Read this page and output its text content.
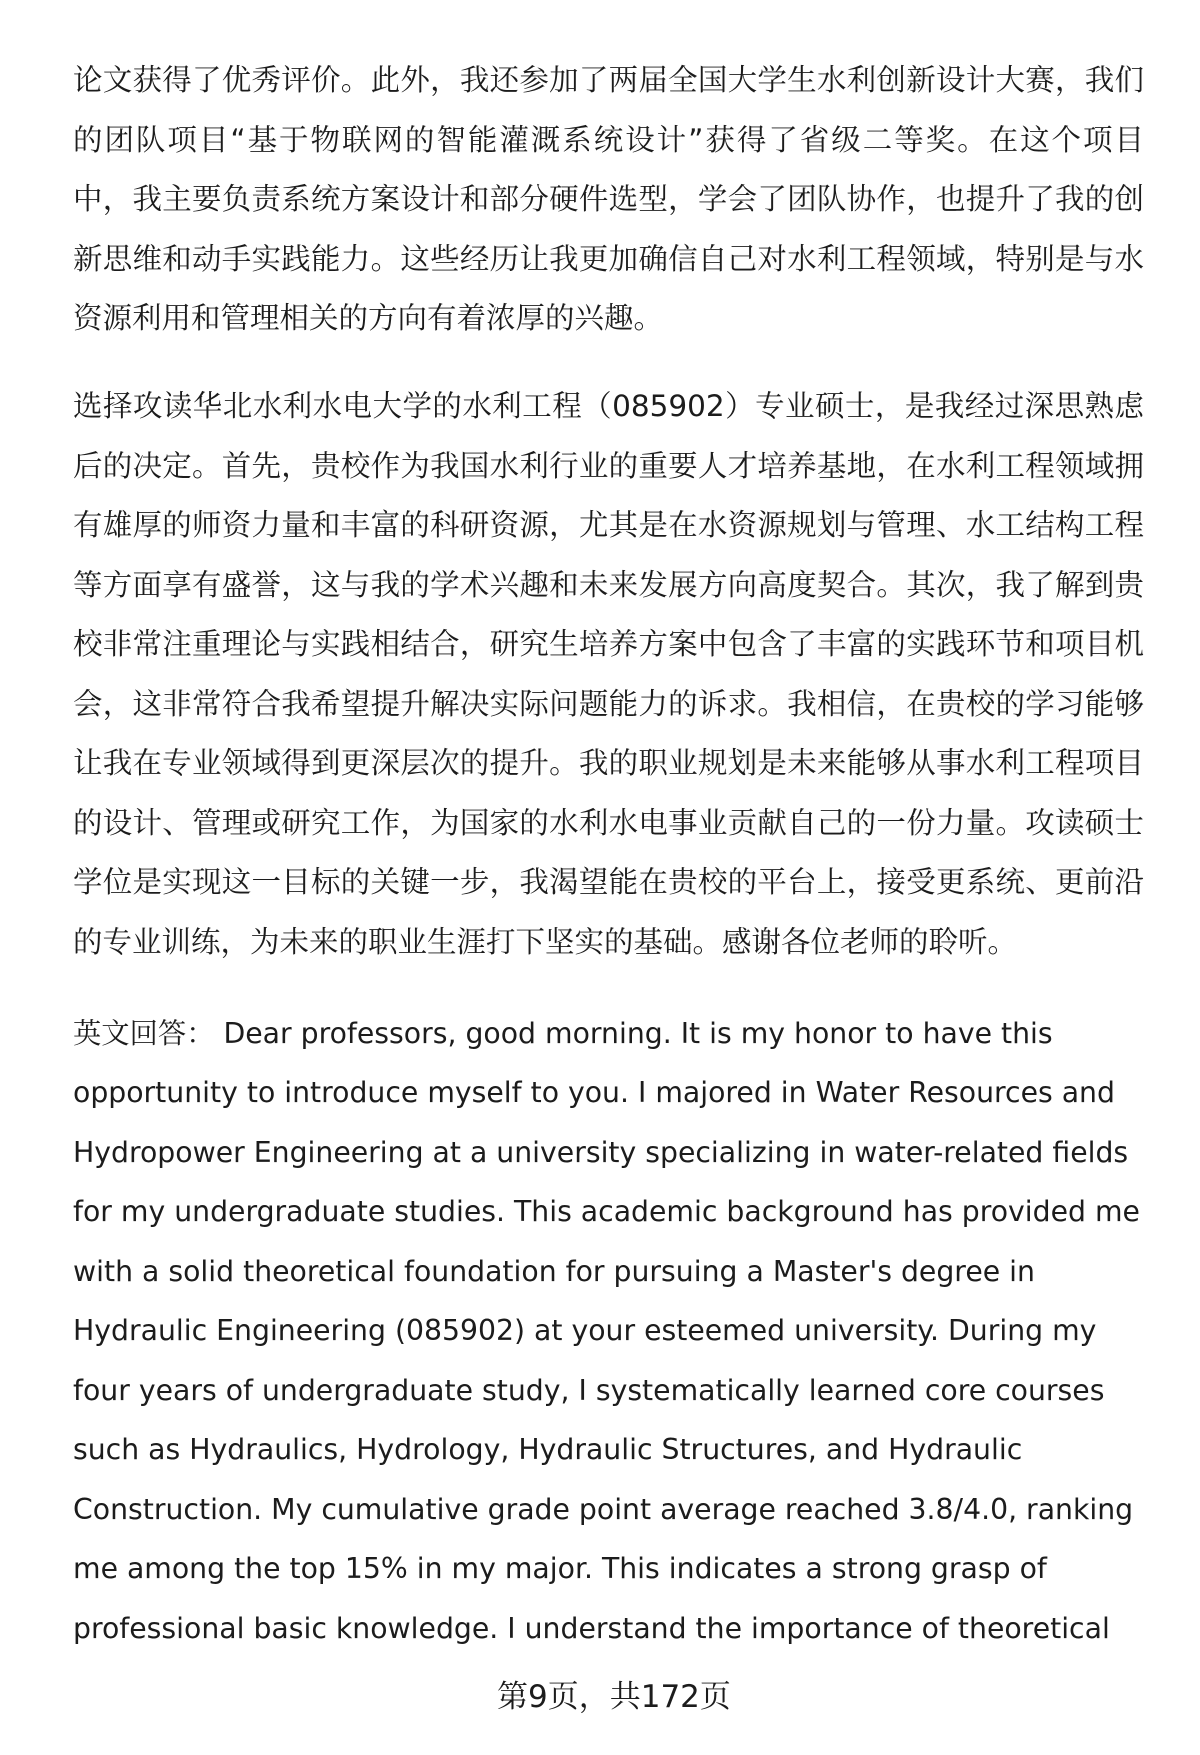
论文获得了优秀评价。此外，我还参加了两届全国大学生水利创新设计大赛，我们
的团队项目“基于物联网的智能灌溉系统设计”获得了省级二等奖。在这个项目
中，我主要负责系统方案设计和部分硬件选型，学会了团队协作，也提升了我的创
新思维和动手实践能力。这些经历让我更加确信自己对水利工程领域，特别是与水
资源利用和管理相关的方向有着浓厚的兴趣。
选择攻读华北水利水电大学的水利工程（085902）专业硕士，是我经过深思熟虑
后的决定。首先，贵校作为我国水利行业的重要人才培养基地，在水利工程领域拥
有雄厚的师资力量和丰富的科研资源，尤其是在水资源规划与管理、水工结构工程
等方面享有盛誉，这与我的学术兴趣和未来发展方向高度契合。其次，我了解到贵
校非常注重理论与实践相结合，研究生培养方案中包含了丰富的实践环节和项目机
会，这非常符合我希望提升解决实际问题能力的诉求。我相信，在贵校的学习能够
让我在专业领域得到更深层次的提升。我的职业规划是未来能够从事水利工程项目
的设计、管理或研究工作，为国家的水利水电事业贡献自己的一份力量。攻读硕士
学位是实现这一目标的关键一步，我渴望能在贵校的平台上，接受更系统、更前沿
的专业训练，为未来的职业生涯打下坚实的基础。感谢各位老师的聆听。
英文回答： Dear professors, good morning. It is my honor to have this
opportunity to introduce myself to you. I majored in Water Resources and
Hydropower Engineering at a university specializing in water-related fields
for my undergraduate studies. This academic background has provided me
with a solid theoretical foundation for pursuing a Master's degree in
Hydraulic Engineering (085902) at your esteemed university. During my
four years of undergraduate study, I systematically learned core courses
such as Hydraulics, Hydrology, Hydraulic Structures, and Hydraulic
Construction. My cumulative grade point average reached 3.8/4.0, ranking
me among the top 15% in my major. This indicates a strong grasp of
professional basic knowledge. I understand the importance of theoretical
第9页，共172页
